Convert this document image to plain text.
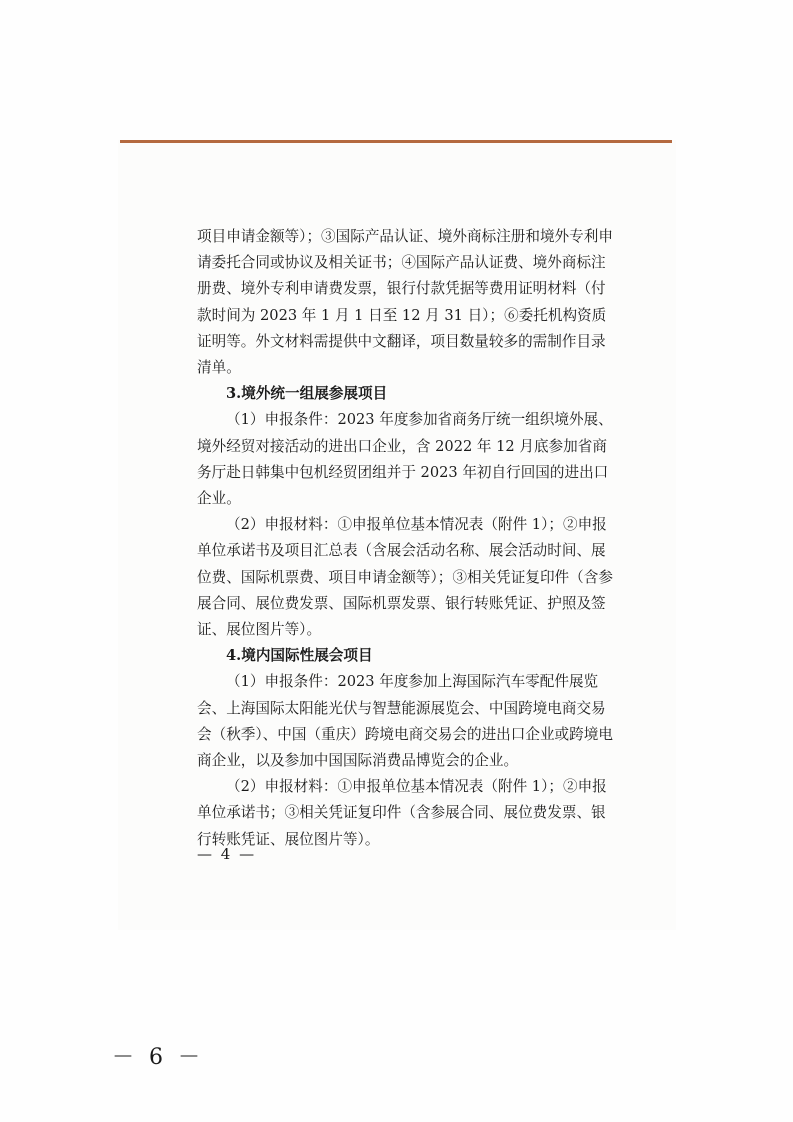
项目申请金额等）；③国际产品认证、境外商标注册和境外专利申请委托合同或协议及相关证书；④国际产品认证费、境外商标注册费、境外专利申请费发票，银行付款凭据等费用证明材料（付款时间为 2023 年 1 月 1 日至 12 月 31 日）；⑥委托机构资质证明等。外文材料需提供中文翻译，项目数量较多的需制作目录清单。

3.境外统一组展参展项目

（1）申报条件：2023 年度参加省商务厅统一组织境外展、境外经贸对接活动的进出口企业，含 2022 年 12 月底参加省商务厅赴日韩集中包机经贸团组并于 2023 年初自行回国的进出口企业。

（2）申报材料：①申报单位基本情况表（附件 1）；②申报单位承诺书及项目汇总表（含展会活动名称、展会活动时间、展位费、国际机票费、项目申请金额等）；③相关凭证复印件（含参展合同、展位费发票、国际机票发票、银行转账凭证、护照及签证、展位图片等）。

4.境内国际性展会项目

（1）申报条件：2023 年度参加上海国际汽车零配件展览会、上海国际太阳能光伏与智慧能源展览会、中国跨境电商交易会（秋季）、中国（重庆）跨境电商交易会的进出口企业或跨境电商企业，以及参加中国国际消费品博览会的企业。

（2）申报材料：①申报单位基本情况表（附件 1）；②申报单位承诺书；③相关凭证复印件（含参展合同、展位费发票、银行转账凭证、展位图片等）。

— 4 —
－ 6 －
